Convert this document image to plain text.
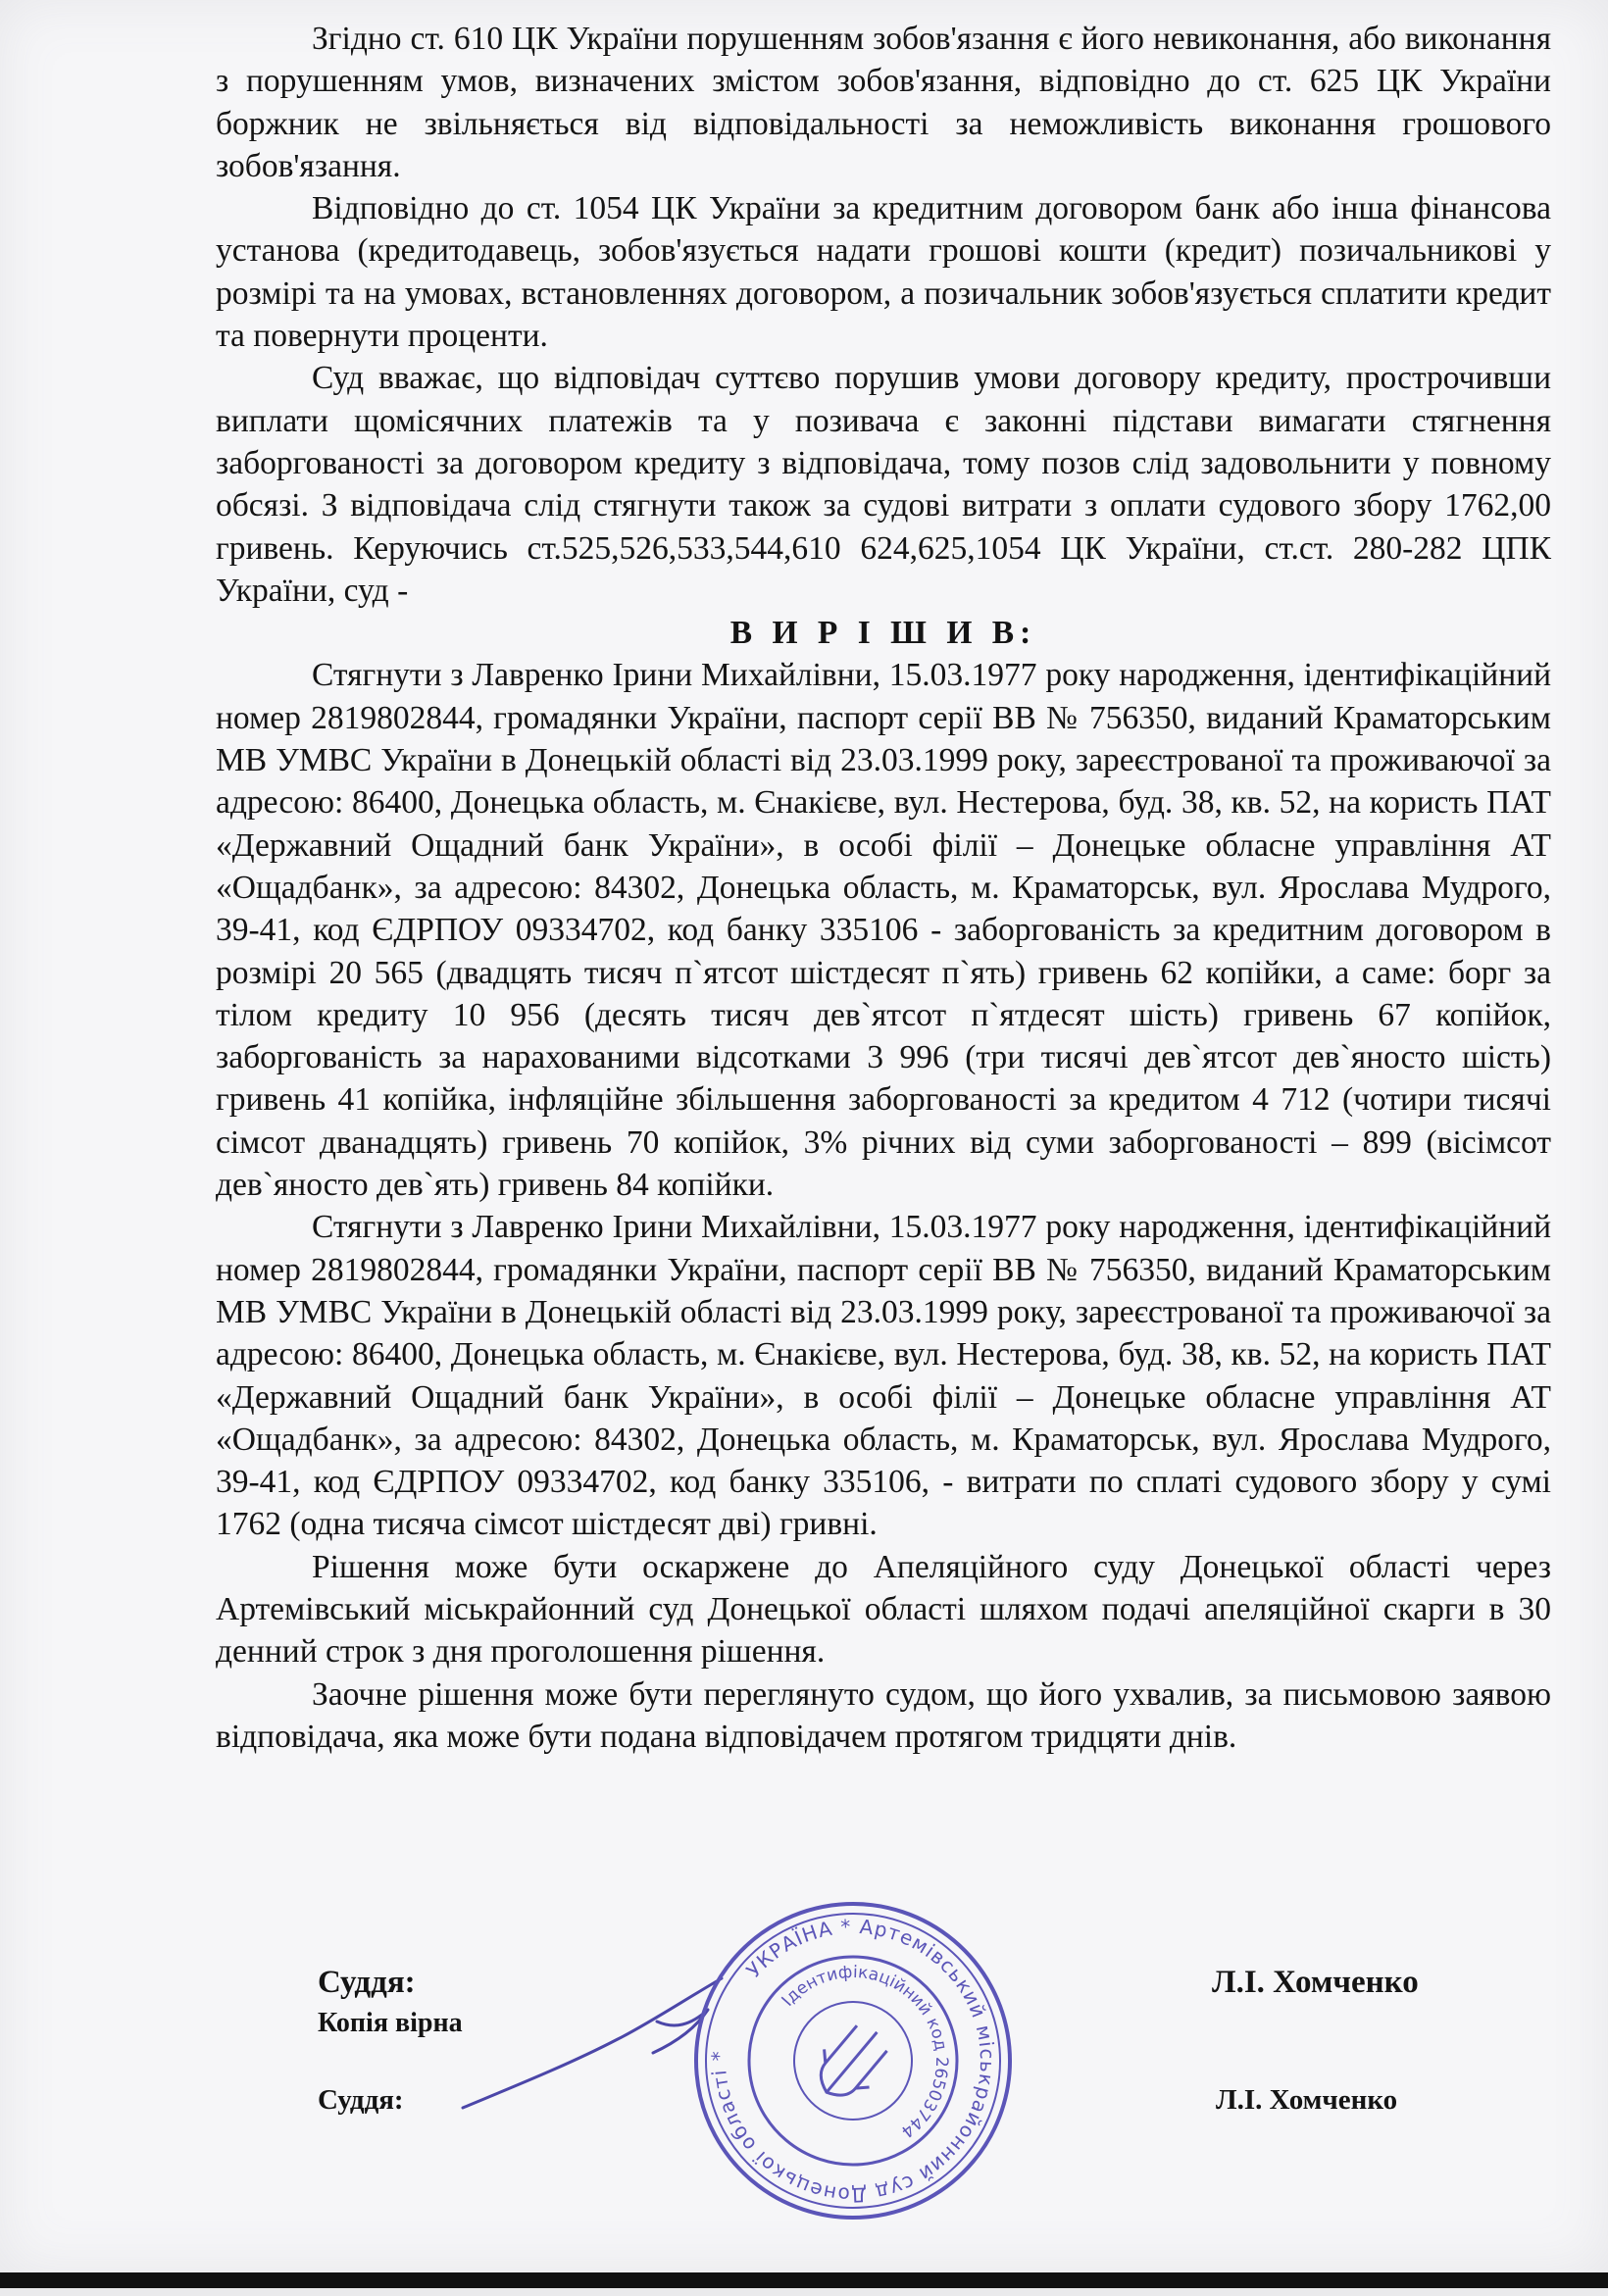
Згідно ст. 610 ЦК України порушенням зобов'язання є його невиконання, або виконання з порушенням умов, визначених змістом зобов'язання, відповідно до ст. 625 ЦК України боржник не звільняється від відповідальності за неможливість виконання грошового зобов'язання.

Відповідно до ст. 1054 ЦК України за кредитним договором банк або інша фінансова установа (кредитодавець, зобов'язується надати грошові кошти (кредит) позичальникові у розмірі та на умовах, встановленнях договором, а позичальник зобов'язується сплатити кредит та повернути проценти.

Суд вважає, що відповідач суттєво порушив умови договору кредиту, прострочивши виплати щомісячних платежів та у позивача є законні підстави вимагати стягнення заборгованості за договором кредиту з відповідача, тому позов слід задовольнити у повному обсязі. З відповідача слід стягнути також за судові витрати з оплати судового збору 1762,00 гривень. Керуючись ст.525,526,533,544,610 624,625,1054 ЦК України, ст.ст. 280-282 ЦПК України, суд -

В И Р І Ш И В:

Стягнути з Лавренко Ірини Михайлівни, 15.03.1977 року народження, ідентифікаційний номер 2819802844, громадянки України, паспорт серії ВВ № 756350, виданий Краматорським МВ УМВС України в Донецькій області від 23.03.1999 року, зареєстрованої та проживаючої за адресою: 86400, Донецька область, м. Єнакієве, вул. Нестерова, буд. 38, кв. 52, на користь ПАТ «Державний Ощадний банк України», в особі філії – Донецьке обласне управління АТ «Ощадбанк», за адресою: 84302, Донецька область, м. Краматорськ, вул. Ярослава Мудрого, 39-41, код ЄДРПОУ 09334702, код банку 335106 - заборгованість за кредитним договором в розмірі 20 565 (двадцять тисяч п`ятсот шістдесят п`ять) гривень 62 копійки, а саме: борг за тілом кредиту 10 956 (десять тисяч дев`ятсот п`ятдесят шість) гривень 67 копійок, заборгованість за нарахованими відсотками 3 996 (три тисячі дев`ятсот дев`яносто шість) гривень 41 копійка, інфляційне збільшення заборгованості за кредитом 4 712 (чотири тисячі сімсот дванадцять) гривень 70 копійок, 3% річних від суми заборгованості – 899 (вісімсот дев`яносто дев`ять) гривень 84 копійки.

Стягнути з Лавренко Ірини Михайлівни, 15.03.1977 року народження, ідентифікаційний номер 2819802844, громадянки України, паспорт серії ВВ № 756350, виданий Краматорським МВ УМВС України в Донецькій області від 23.03.1999 року, зареєстрованої та проживаючої за адресою: 86400, Донецька область, м. Єнакієве, вул. Нестерова, буд. 38, кв. 52, на користь ПАТ «Державний Ощадний банк України», в особі філії – Донецьке обласне управління АТ «Ощадбанк», за адресою: 84302, Донецька область, м. Краматорськ, вул. Ярослава Мудрого, 39-41, код ЄДРПОУ 09334702, код банку 335106, - витрати по сплаті судового збору у сумі 1762 (одна тисяча сімсот шістдесят дві) гривні.

Рішення може бути оскаржене до Апеляційного суду Донецької області через Артемівський міськрайонний суд Донецької області шляхом подачі апеляційної скарги в 30 денний строк з дня проголошення рішення.

Заочне рішення може бути переглянуто судом, що його ухвалив, за письмовою заявою відповідача, яка може бути подана відповідачем протягом тридцяти днів.

Суддя:	Л.І. Хомченко
Копія вірна
Суддя:	Л.І. Хомченко
УКРАЇНА * Артемівський міськрайонний суд Донецької області *
Ідентифікаційний код 26503744
